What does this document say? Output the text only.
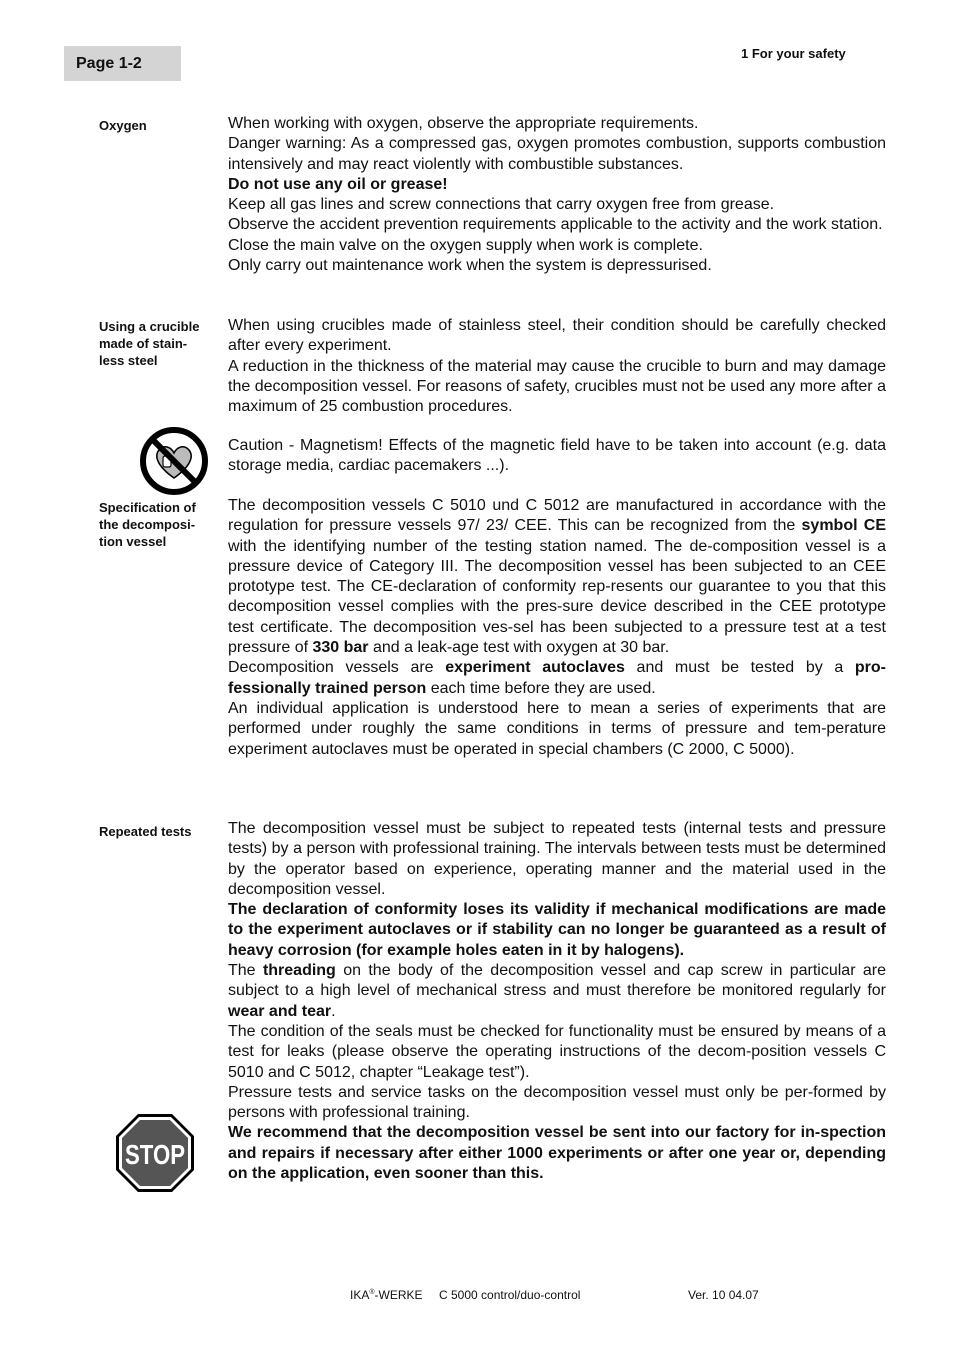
Page 1-2
1 For your safety
Oxygen	When working with oxygen, observe the appropriate requirements.

Danger warning: As a compressed gas, oxygen promotes combustion, supports combustion intensively and may react violently with combustible substances.

Do not use any oil or grease!

Keep all gas lines and screw connections that carry oxygen free from grease.

Observe the accident prevention requirements applicable to the activity and the work station.

Close the main valve on the oxygen supply when work is complete.

Only carry out maintenance work when the system is depressurised.

Using a crucible
made of stain-
less steel

When using crucibles made of stainless steel, their condition should be carefully checked after every experiment.

A reduction in the thickness of the material may cause the crucible to burn and may damage the decomposition vessel. For reasons of safety, crucibles must not be used any more after a maximum of 25 combustion procedures.

Caution - Magnetism! Effects of the magnetic field have to be taken into account (e.g. data storage media, cardiac pacemakers ...).

Specification of
the decomposi-
tion vessel

The decomposition vessels C 5010 und C 5012 are manufactured in accordance with the regulation for pressure vessels 97/ 23/ CEE. This can be recognized from the symbol CE with the identifying number of the testing station named. The de-composition vessel is a pressure device of Category III. The decomposition vessel has been subjected to an CEE prototype test. The CE-declaration of conformity rep-resents our guarantee to you that this decomposition vessel complies with the pres-sure device described in the CEE prototype test certificate. The decomposition ves-sel has been subjected to a pressure test at a test pressure of 330 bar and a leak-age test with oxygen at 30 bar.

Decomposition vessels are experiment autoclaves and must be tested by a pro-fessionally trained person each time before they are used.

An individual application is understood here to mean a series of experiments that are performed under roughly the same conditions in terms of pressure and tem-perature experiment autoclaves must be operated in special chambers (C 2000, C 5000).

Repeated tests	The decomposition vessel must be subject to repeated tests (internal tests and pressure tests) by a person with professional training. The intervals between tests must be determined by the operator based on experience, operating manner and the material used in the decomposition vessel.

The declaration of conformity loses its validity if mechanical modifications are made to the experiment autoclaves or if stability can no longer be guaranteed as a result of heavy corrosion (for example holes eaten in it by halogens).

The threading on the body of the decomposition vessel and cap screw in particular are subject to a high level of mechanical stress and must therefore be monitored regularly for wear and tear.

The condition of the seals must be checked for functionality must be ensured by means of a test for leaks (please observe the operating instructions of the decom-position vessels C 5010 and C 5012, chapter “Leakage test”).

Pressure tests and service tasks on the decomposition vessel must only be per-formed by persons with professional training.

We recommend that the decomposition vessel be sent into our factory for in-spection and repairs if necessary after either 1000 experiments or after one year or, depending on the application, even sooner than this.

STOP
IKA®-WERKE C 5000 control/duo-control	Ver. 10 04.07
